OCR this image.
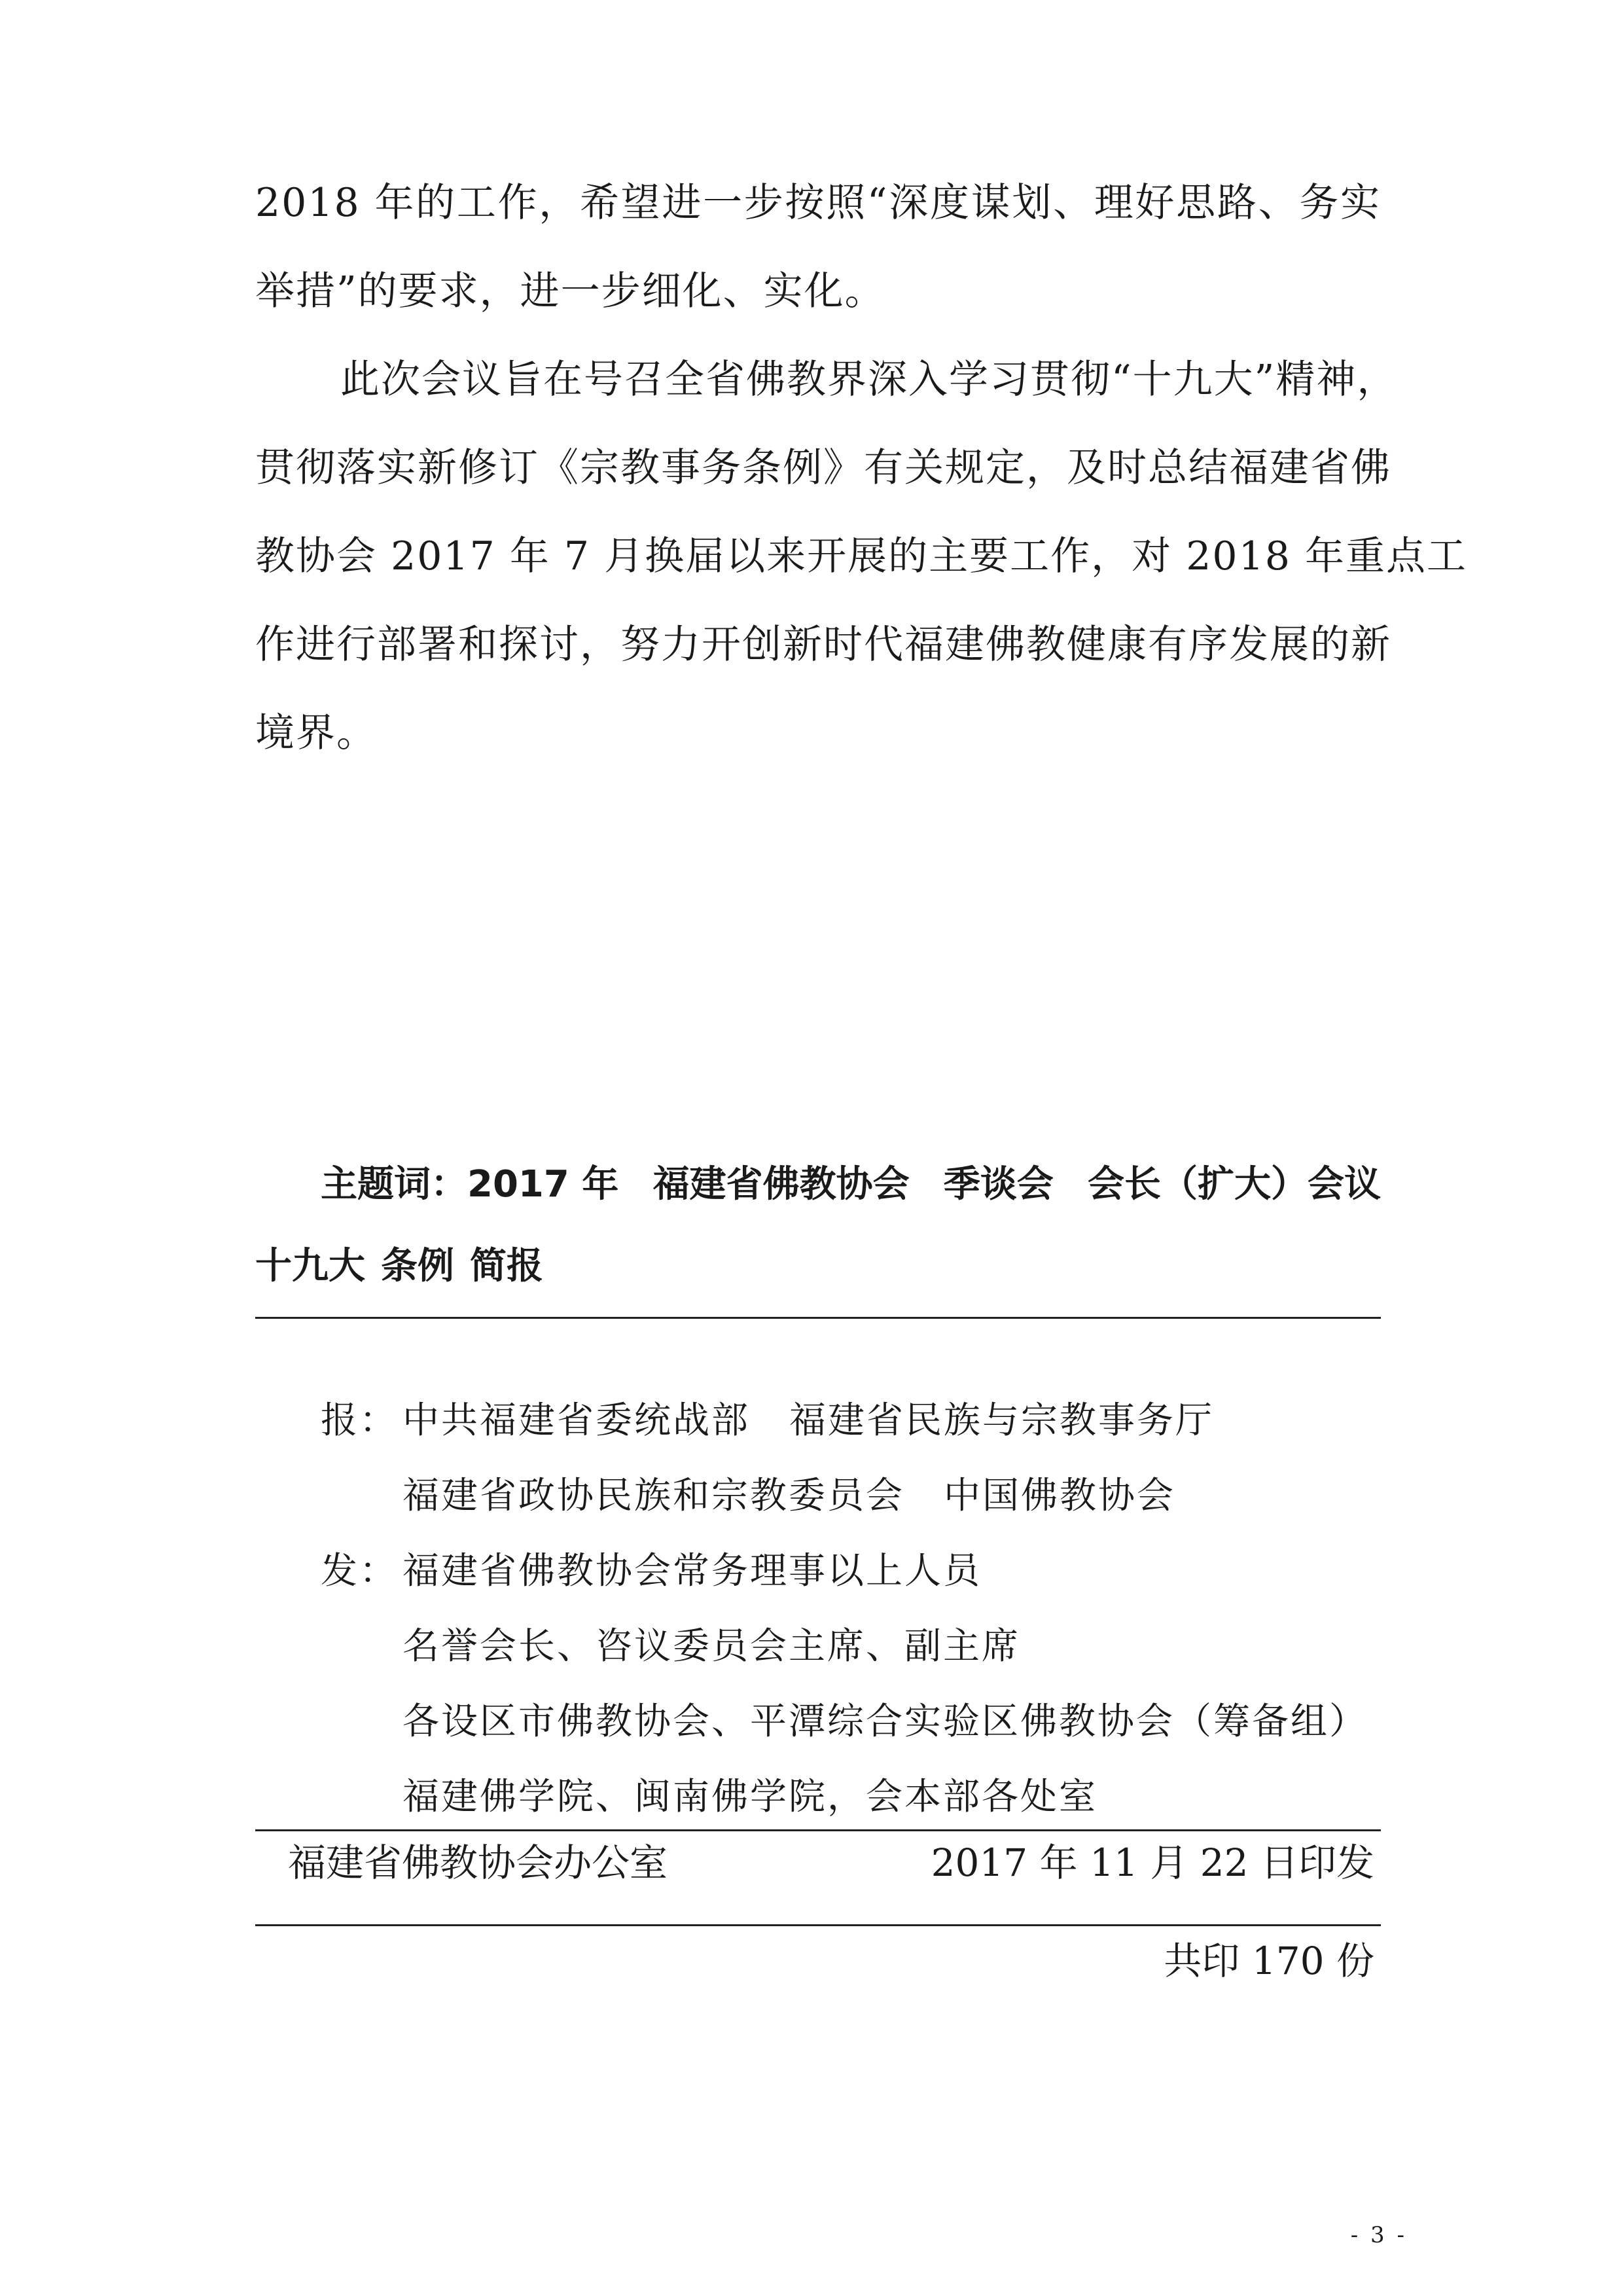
2018 年的工作，希望进一步按照“深度谋划、理好思路、务实
举措”的要求，进一步细化、实化。
此次会议旨在号召全省佛教界深入学习贯彻“十九大”精神，
贯彻落实新修订《宗教事务条例》有关规定，及时总结福建省佛
教协会 2017 年 7 月换届以来开展的主要工作，对 2018 年重点工
作进行部署和探讨，努力开创新时代福建佛教健康有序发展的新
境界。
主题词：2017 年 福建省佛教协会 季谈会 会长（扩大）会议
十九大 条例 简报
报： 中共福建省委统战部 福建省民族与宗教事务厅
福建省政协民族和宗教委员会 中国佛教协会
发： 福建省佛教协会常务理事以上人员
名誉会长、咨议委员会主席、副主席
各设区市佛教协会、平潭综合实验区佛教协会（筹备组）
福建佛学院、闽南佛学院，会本部各处室
福建省佛教协会办公室	2017 年 11 月 22 日印发
共印 170 份
- 3 -
